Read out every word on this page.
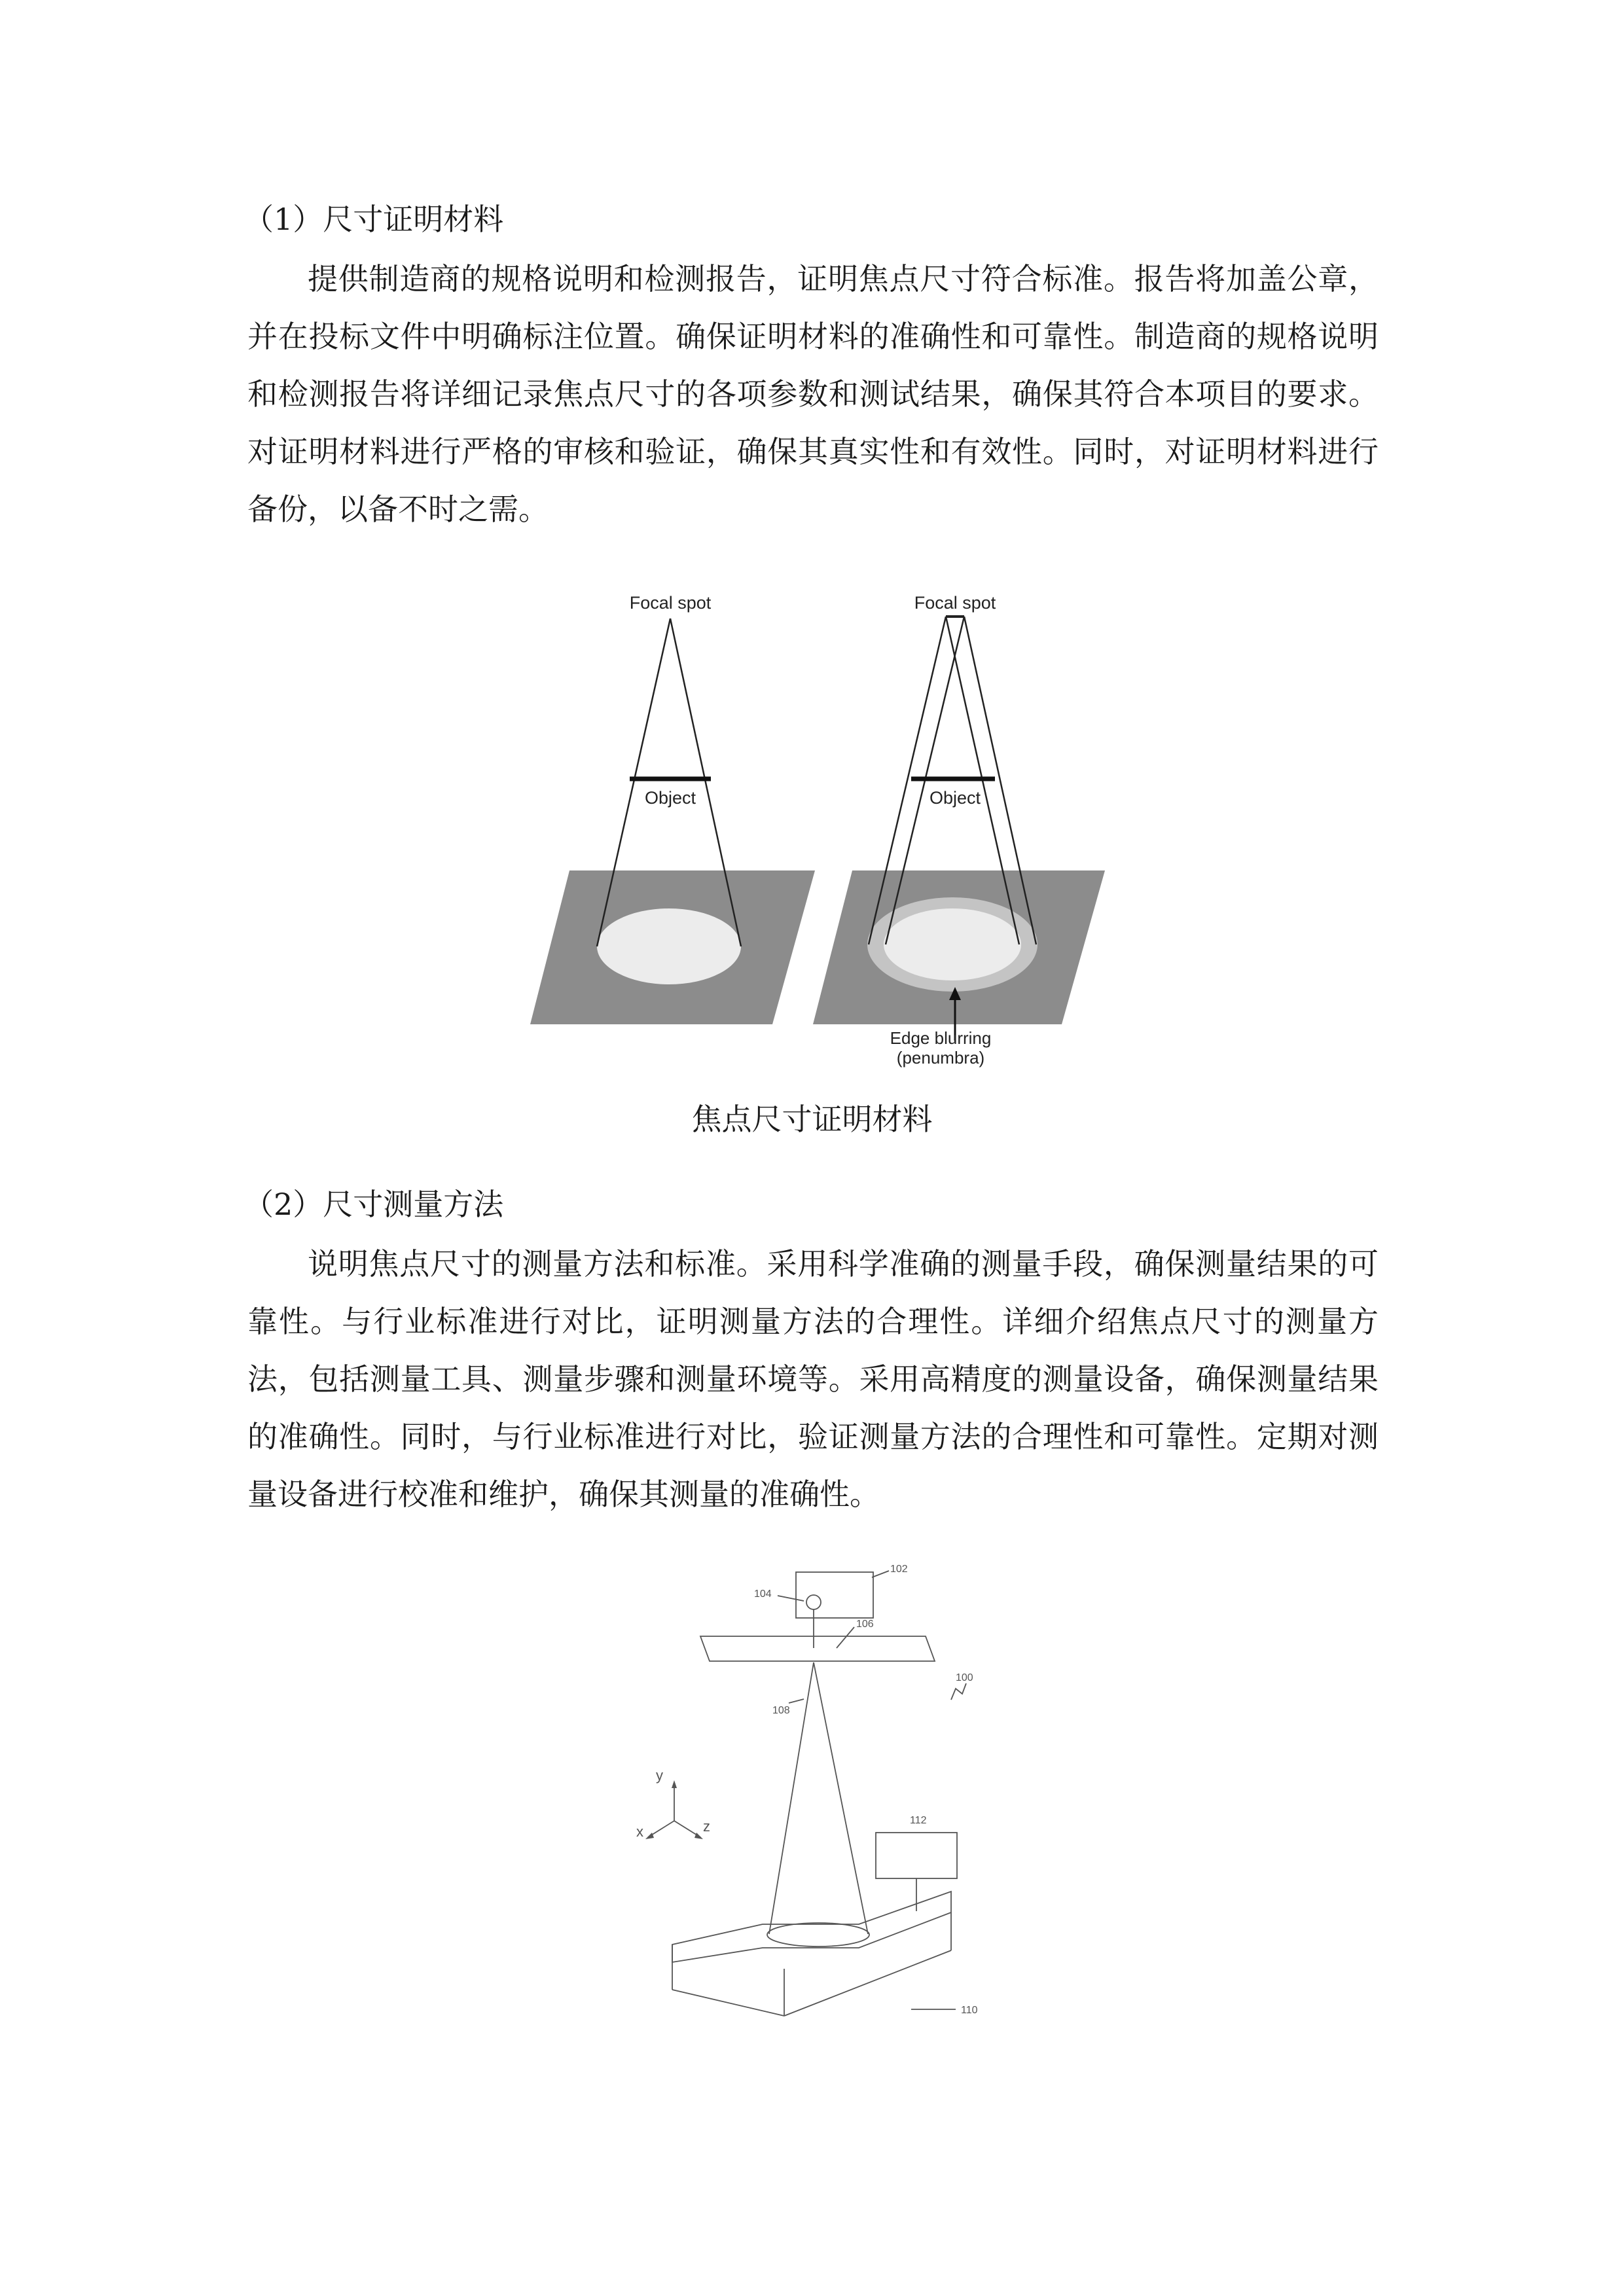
（1）尺寸证明材料

提供制造商的规格说明和检测报告，证明焦点尺寸符合标准。报告将加盖公章，并在投标文件中明确标注位置。确保证明材料的准确性和可靠性。制造商的规格说明和检测报告将详细记录焦点尺寸的各项参数和测试结果，确保其符合本项目的要求。对证明材料进行严格的审核和验证，确保其真实性和有效性。同时，对证明材料进行备份，以备不时之需。

Focal spot
Object
Focal spot
Object
Edge blurring
(penumbra)
焦点尺寸证明材料
（2）尺寸测量方法

说明焦点尺寸的测量方法和标准。采用科学准确的测量手段，确保测量结果的可靠性。与行业标准进行对比，证明测量方法的合理性。详细介绍焦点尺寸的测量方法，包括测量工具、测量步骤和测量环境等。采用高精度的测量设备，确保测量结果的准确性。同时，与行业标准进行对比，验证测量方法的合理性和可靠性。定期对测量设备进行校准和维护，确保其测量的准确性。

102
104
106
100
108
y
x	z	112
110
